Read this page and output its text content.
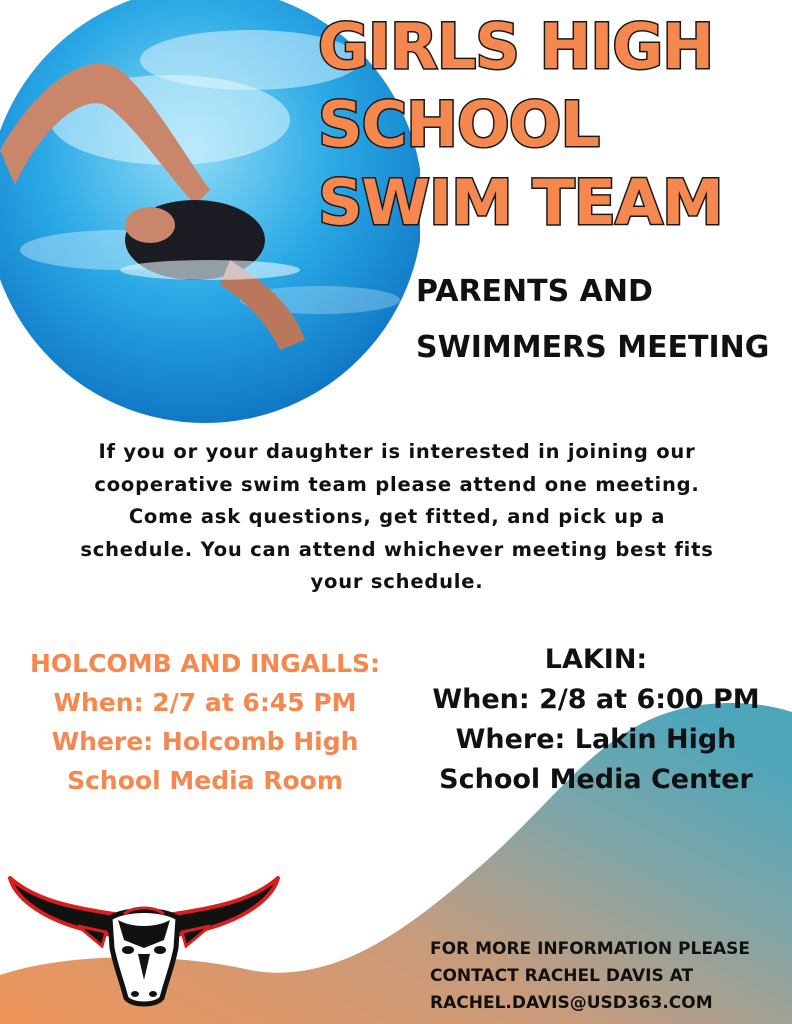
GIRLS HIGH
SCHOOL
SWIM TEAM
PARENTS AND
SWIMMERS MEETING
If you or your daughter is interested in joining our
cooperative swim team please attend one meeting.
Come ask questions, get fitted, and pick up a
schedule. You can attend whichever meeting best fits
your schedule.
HOLCOMB AND INGALLS:
When: 2/7 at 6:45 PM
Where: Holcomb High
School Media Room
LAKIN:
When: 2/8 at 6:00 PM
Where: Lakin High
School Media Center
FOR MORE INFORMATION PLEASE
CONTACT RACHEL DAVIS AT
RACHEL.DAVIS@USD363.COM
